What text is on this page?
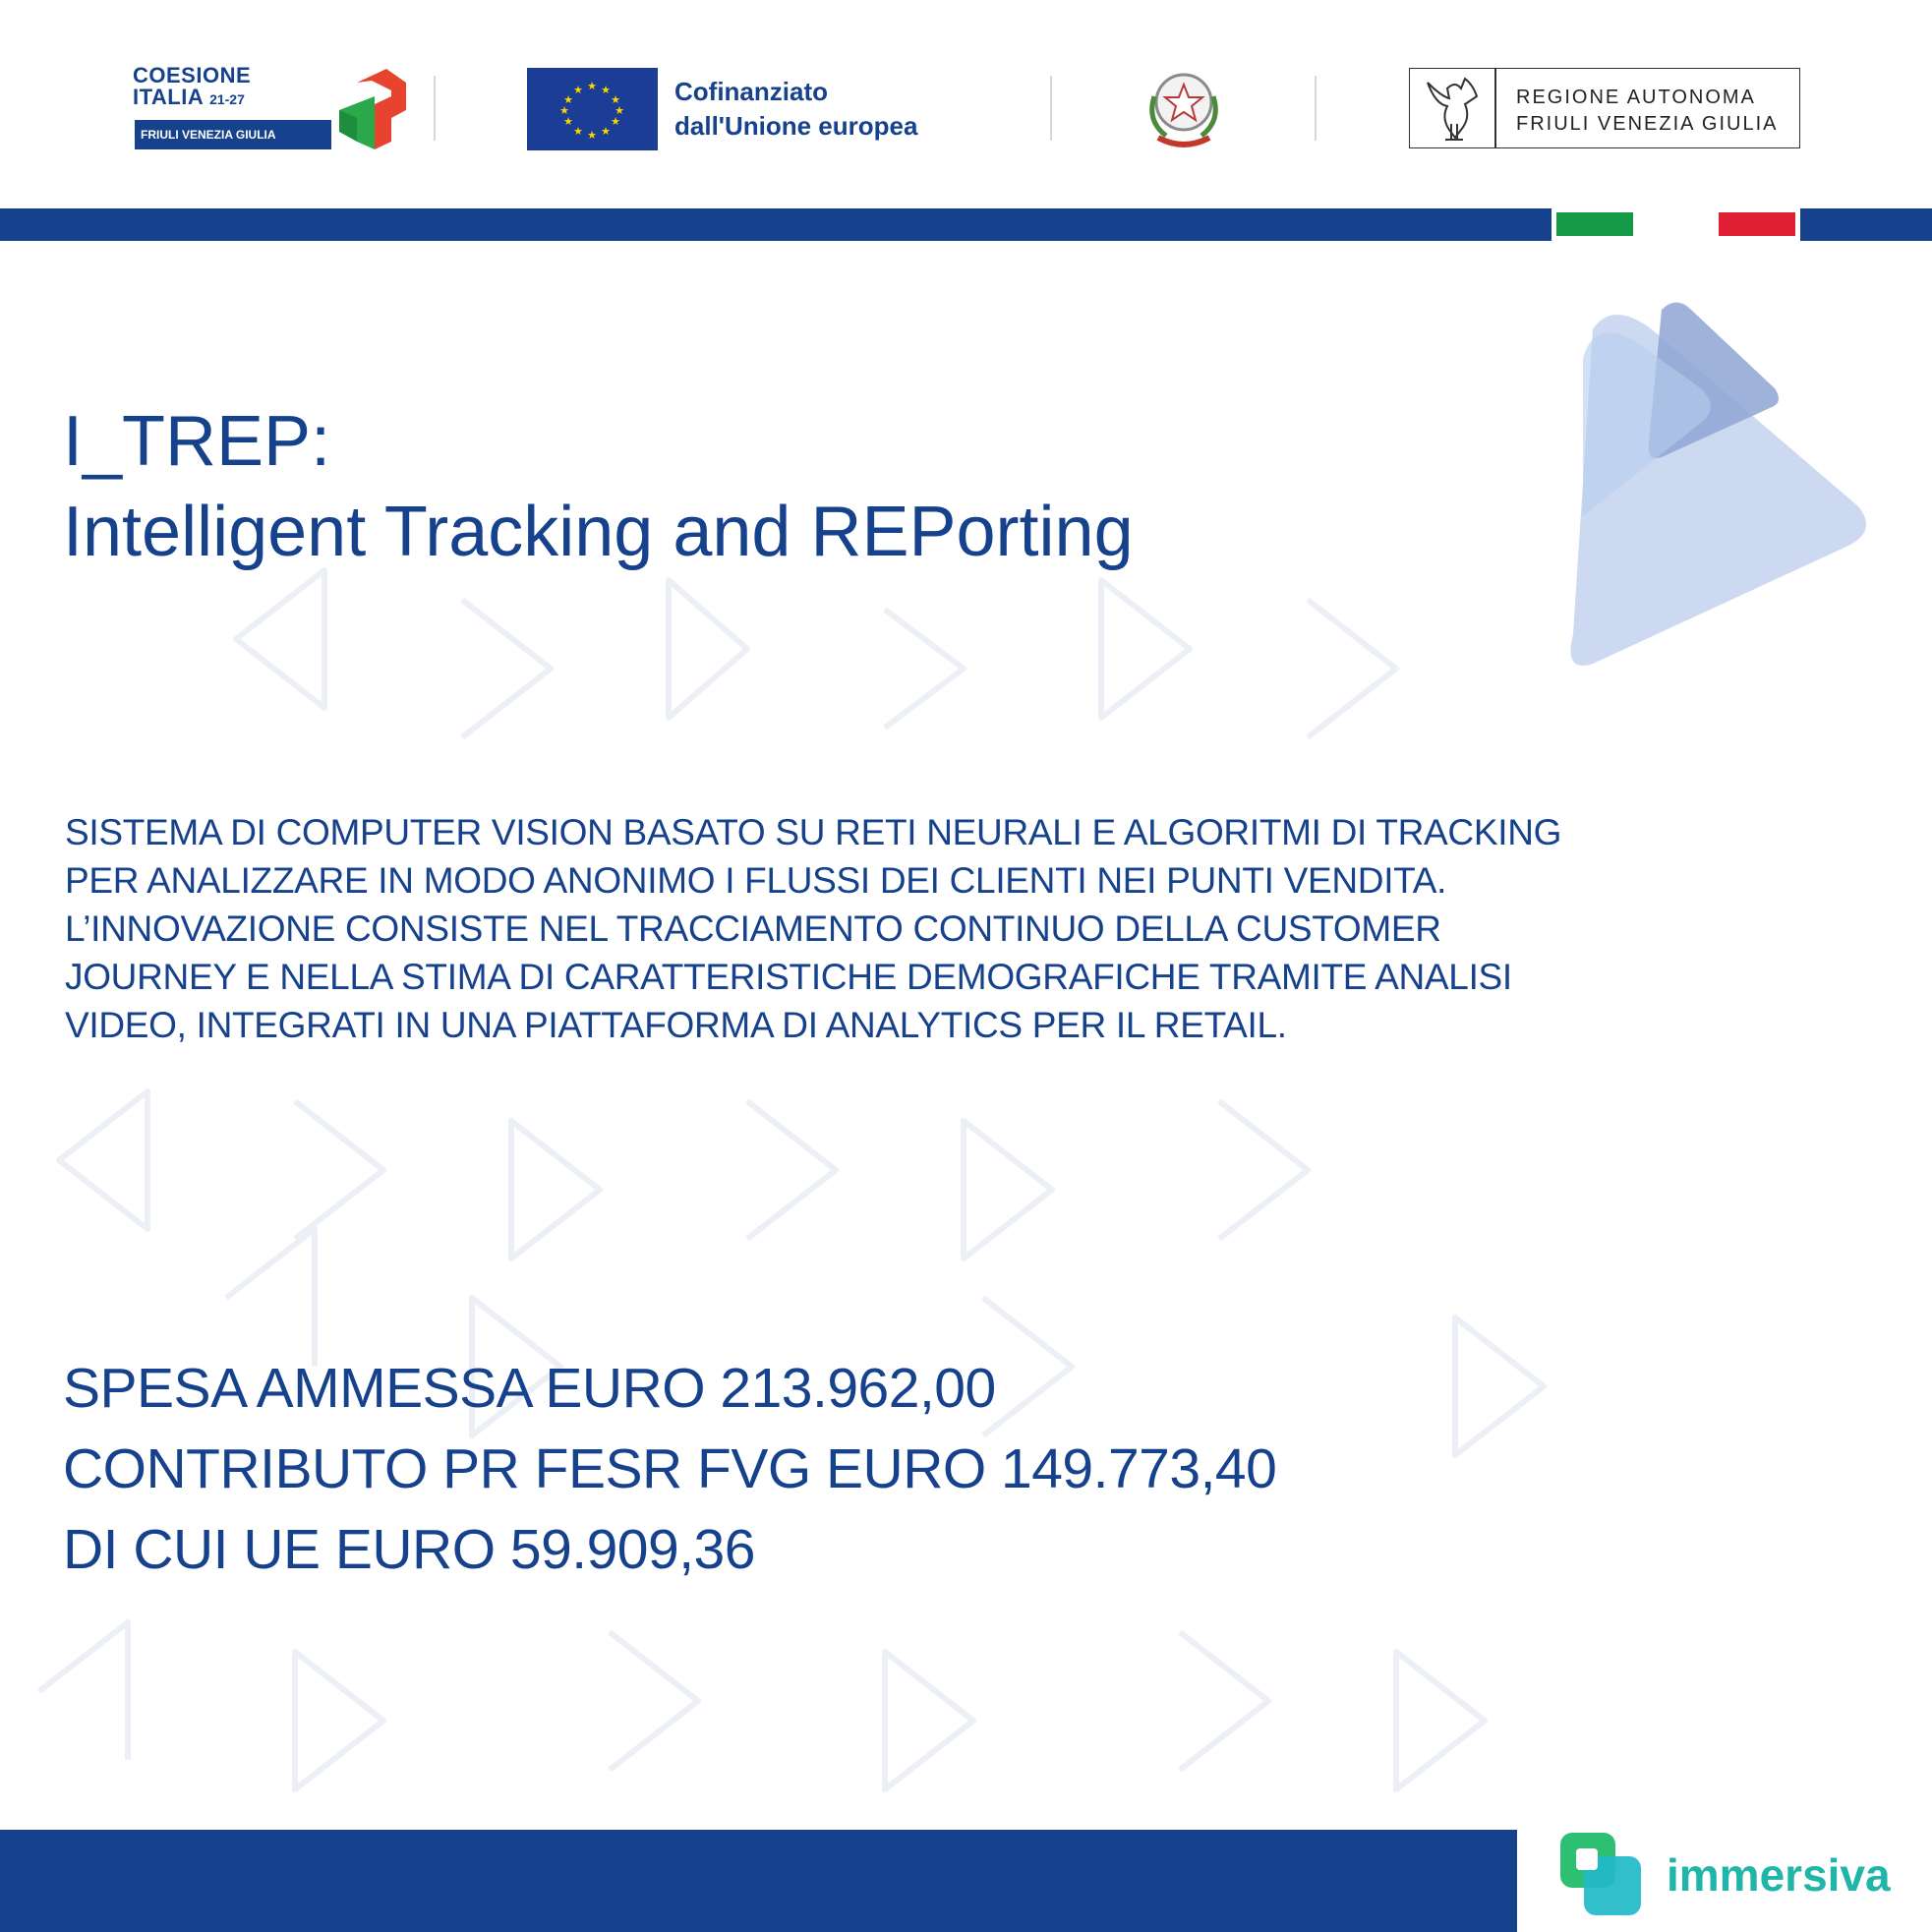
COESIONE
ITALIA 21-27
FRIULI VENEZIA GIULIA
★ ★
★
★
★
★
★
★
★
★
★
★	Cofinanziato
dall'Unione europea
REGIONE AUTONOMA
FRIULI VENEZIA GIULIA
I_TREP:
Intelligent Tracking and REPorting
SISTEMA DI COMPUTER VISION BASATO SU RETI NEURALI E ALGORITMI DI TRACKING PER ANALIZZARE IN MODO ANONIMO I FLUSSI DEI CLIENTI NEI PUNTI VENDITA. L’INNOVAZIONE CONSISTE NEL TRACCIAMENTO CONTINUO DELLA CUSTOMER JOURNEY E NELLA STIMA DI CARATTERISTICHE DEMOGRAFICHE TRAMITE ANALISI VIDEO, INTEGRATI IN UNA PIATTAFORMA DI ANALYTICS PER IL RETAIL.
SPESA AMMESSA EURO 213.962,00
CONTRIBUTO PR FESR FVG EURO 149.773,40
DI CUI UE EURO 59.909,36
immersiva
